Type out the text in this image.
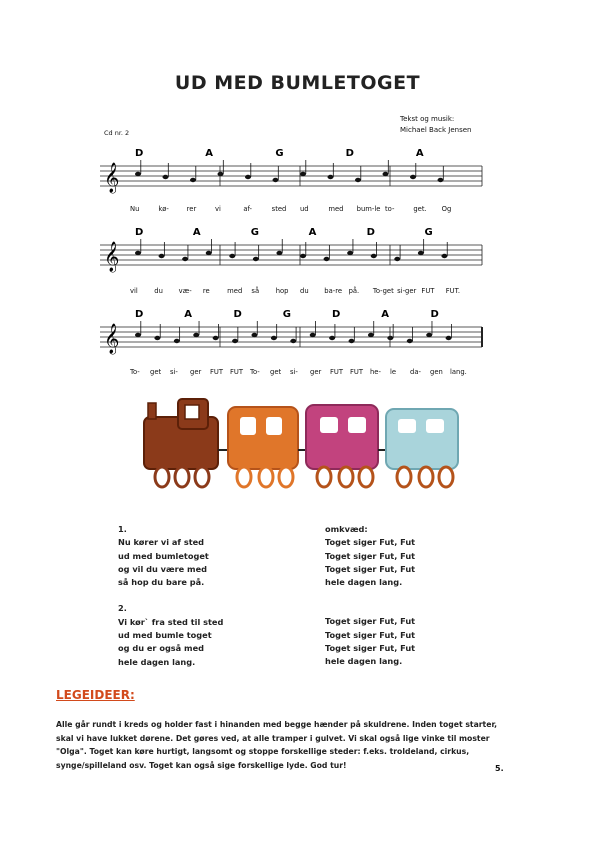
UD MED BUMLETOGET
Tekst og musik:
Michael Back Jensen
Cd nr. 2
𝄞
D	A	G	D	A
𝄞
D	A	G	A	D	G
𝄞
D	A	D	G	D	A	D
Nu	kø-	rer	vi	af-	sted ud	med bum-le to-	get. Og
vil du væ- re	med så hop du ba-re på. To-get si-ger FUT FUT.
To- get si- ger FUT FUT To- get si- ger FUT FUT he- le da- gen lang.
1.
Nu kører vi af sted
ud med bumletoget
og vil du være med
så hop du bare på.
2.
Vi kør` fra sted til sted
ud med bumle toget
og du er også med
hele dagen lang.
omkvæd:
Toget siger Fut, Fut
Toget siger Fut, Fut
Toget siger Fut, Fut
hele dagen lang.
Toget siger Fut, Fut
Toget siger Fut, Fut
Toget siger Fut, Fut
hele dagen lang.
LEGEIDEER:
Alle går rundt i kreds og holder fast i hinanden med begge hænder på skuldrene. Inden toget starter,
skal vi have lukket dørene. Det gøres ved, at alle tramper i gulvet. Vi skal også lige vinke til moster
"Olga". Toget kan køre hurtigt, langsomt og stoppe forskellige steder: f.eks. troldeland, cirkus,
synge/spilleland osv. Toget kan også sige forskellige lyde. God tur!	5.
